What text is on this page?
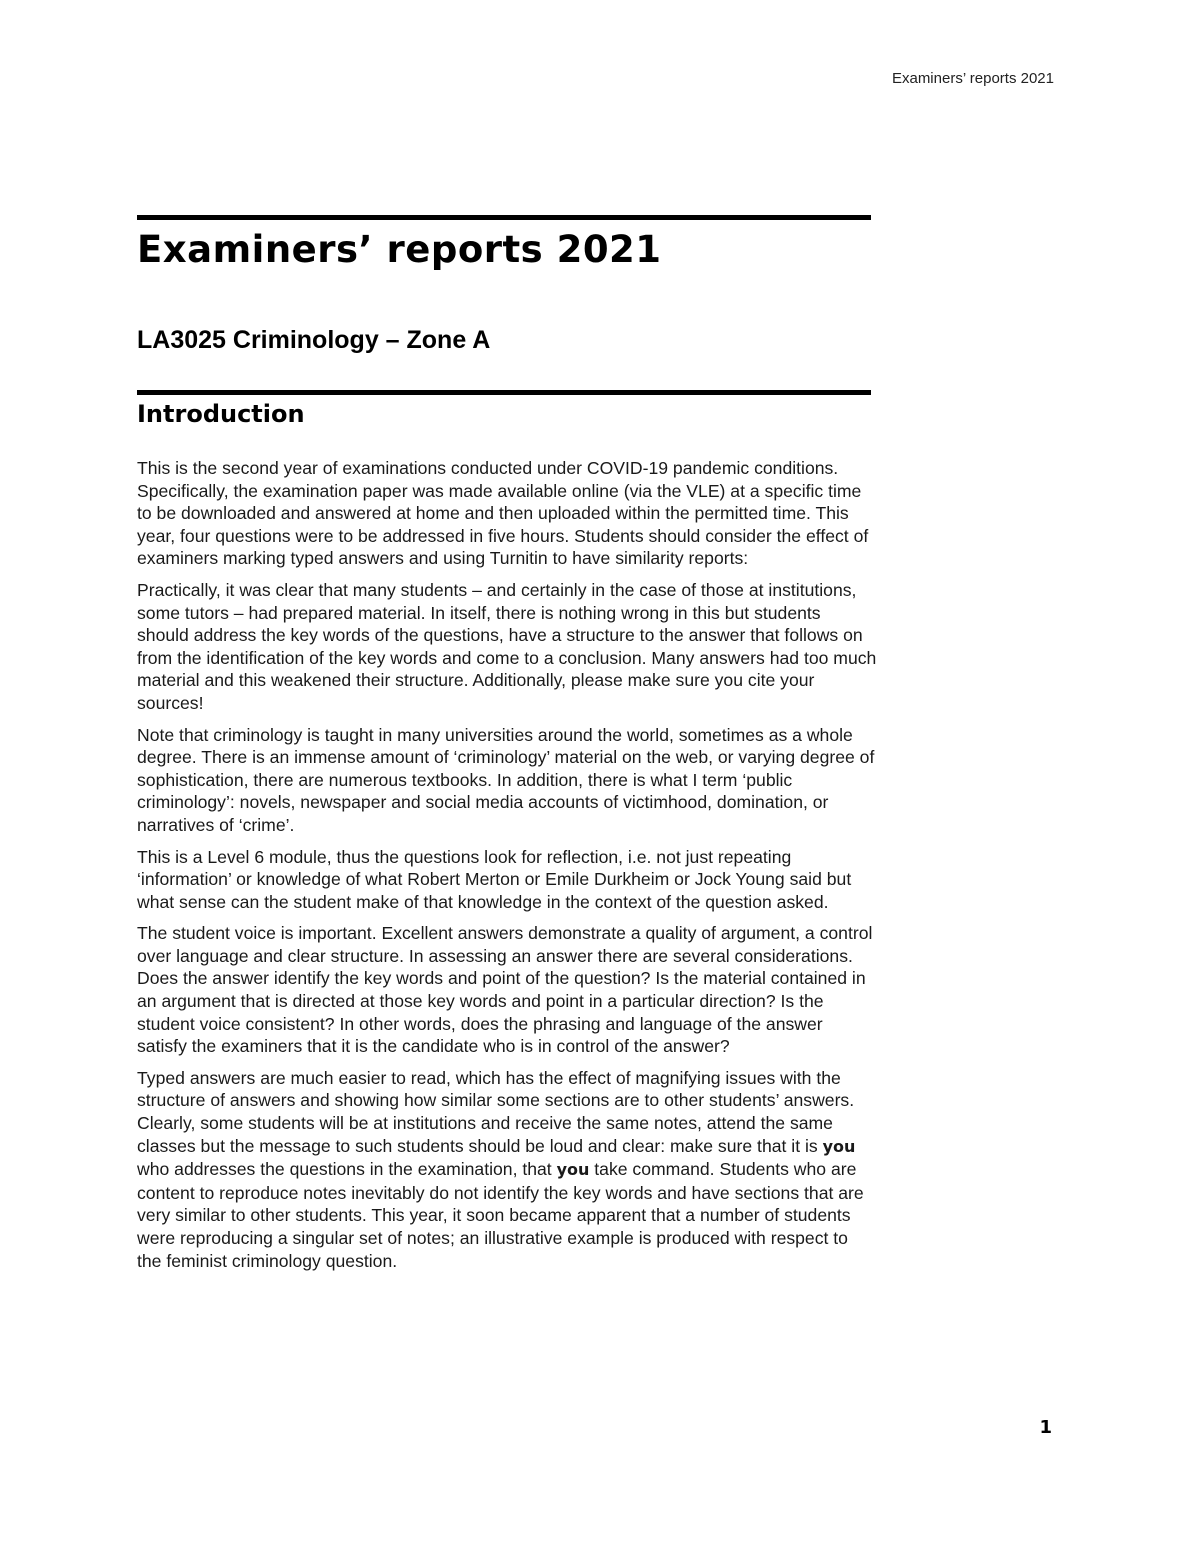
Examiners’ reports 2021
Examiners’ reports 2021
LA3025 Criminology – Zone A
Introduction

This is the second year of examinations conducted under COVID-19 pandemic conditions. Specifically, the examination paper was made available online (via the VLE) at a specific time to be downloaded and answered at home and then uploaded within the permitted time. This year, four questions were to be addressed in five hours. Students should consider the effect of examiners marking typed answers and using Turnitin to have similarity reports:

Practically, it was clear that many students – and certainly in the case of those at institutions, some tutors – had prepared material. In itself, there is nothing wrong in this but students should address the key words of the questions, have a structure to the answer that follows on from the identification of the key words and come to a conclusion. Many answers had too much material and this weakened their structure. Additionally, please make sure you cite your sources!

Note that criminology is taught in many universities around the world, sometimes as a whole degree. There is an immense amount of ‘criminology’ material on the web, or varying degree of sophistication, there are numerous textbooks. In addition, there is what I term ‘public criminology’: novels, newspaper and social media accounts of victimhood, domination, or narratives of ‘crime’.

This is a Level 6 module, thus the questions look for reflection, i.e. not just repeating ‘information’ or knowledge of what Robert Merton or Emile Durkheim or Jock Young said but what sense can the student make of that knowledge in the context of the question asked.

The student voice is important. Excellent answers demonstrate a quality of argument, a control over language and clear structure. In assessing an answer there are several considerations. Does the answer identify the key words and point of the question? Is the material contained in an argument that is directed at those key words and point in a particular direction? Is the student voice consistent? In other words, does the phrasing and language of the answer satisfy the examiners that it is the candidate who is in control of the answer?

Typed answers are much easier to read, which has the effect of magnifying issues with the structure of answers and showing how similar some sections are to other students’ answers. Clearly, some students will be at institutions and receive the same notes, attend the same classes but the message to such students should be loud and clear: make sure that it is you who addresses the questions in the examination, that you take command. Students who are content to reproduce notes inevitably do not identify the key words and have sections that are very similar to other students. This year, it soon became apparent that a number of students were reproducing a singular set of notes; an illustrative example is produced with respect to the feminist criminology question.

1
